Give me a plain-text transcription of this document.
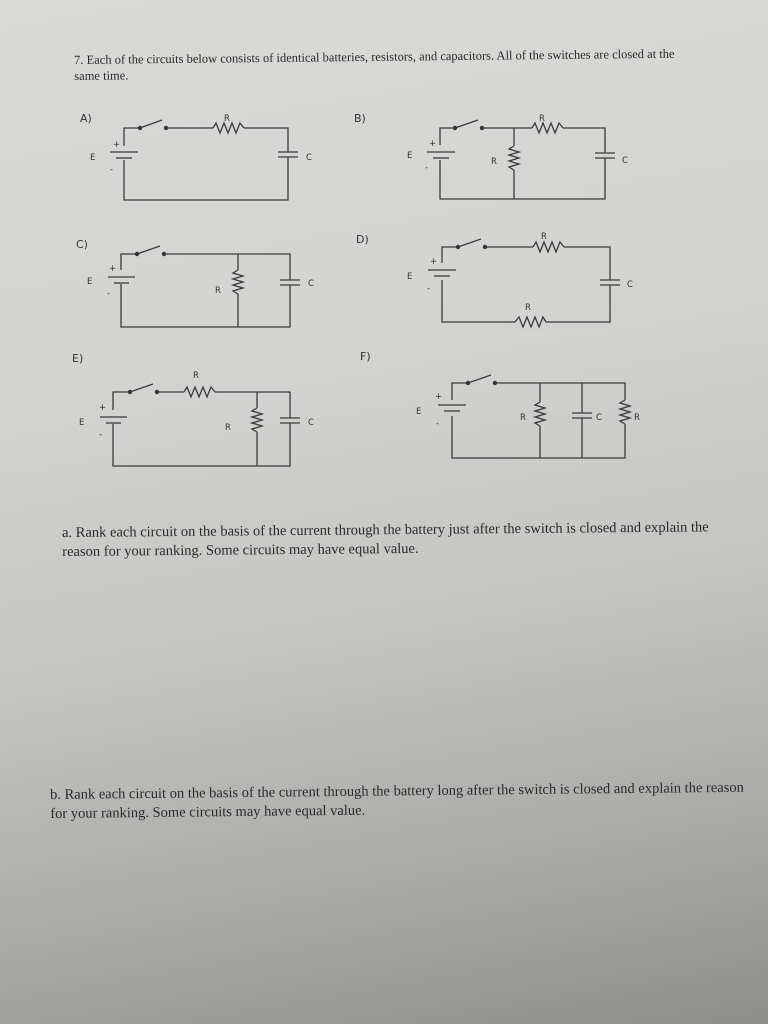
7. Each of the circuits below consists of identical batteries, resistors, and capacitors. All of the switches are closed at the same time.
A)	B)
C)	D)
E)	F)
+
-
E
R
C
+
-
E
R
R	C
+
-
E
R
C
+
-
E
R
R
C
+
-
E
R
R	C
+
-
E
R	C	R
a. Rank each circuit on the basis of the current through the battery just after the switch is closed and explain the reason for your ranking. Some circuits may have equal value.
b. Rank each circuit on the basis of the current through the battery long after the switch is closed and explain the reason for your ranking. Some circuits may have equal value.
